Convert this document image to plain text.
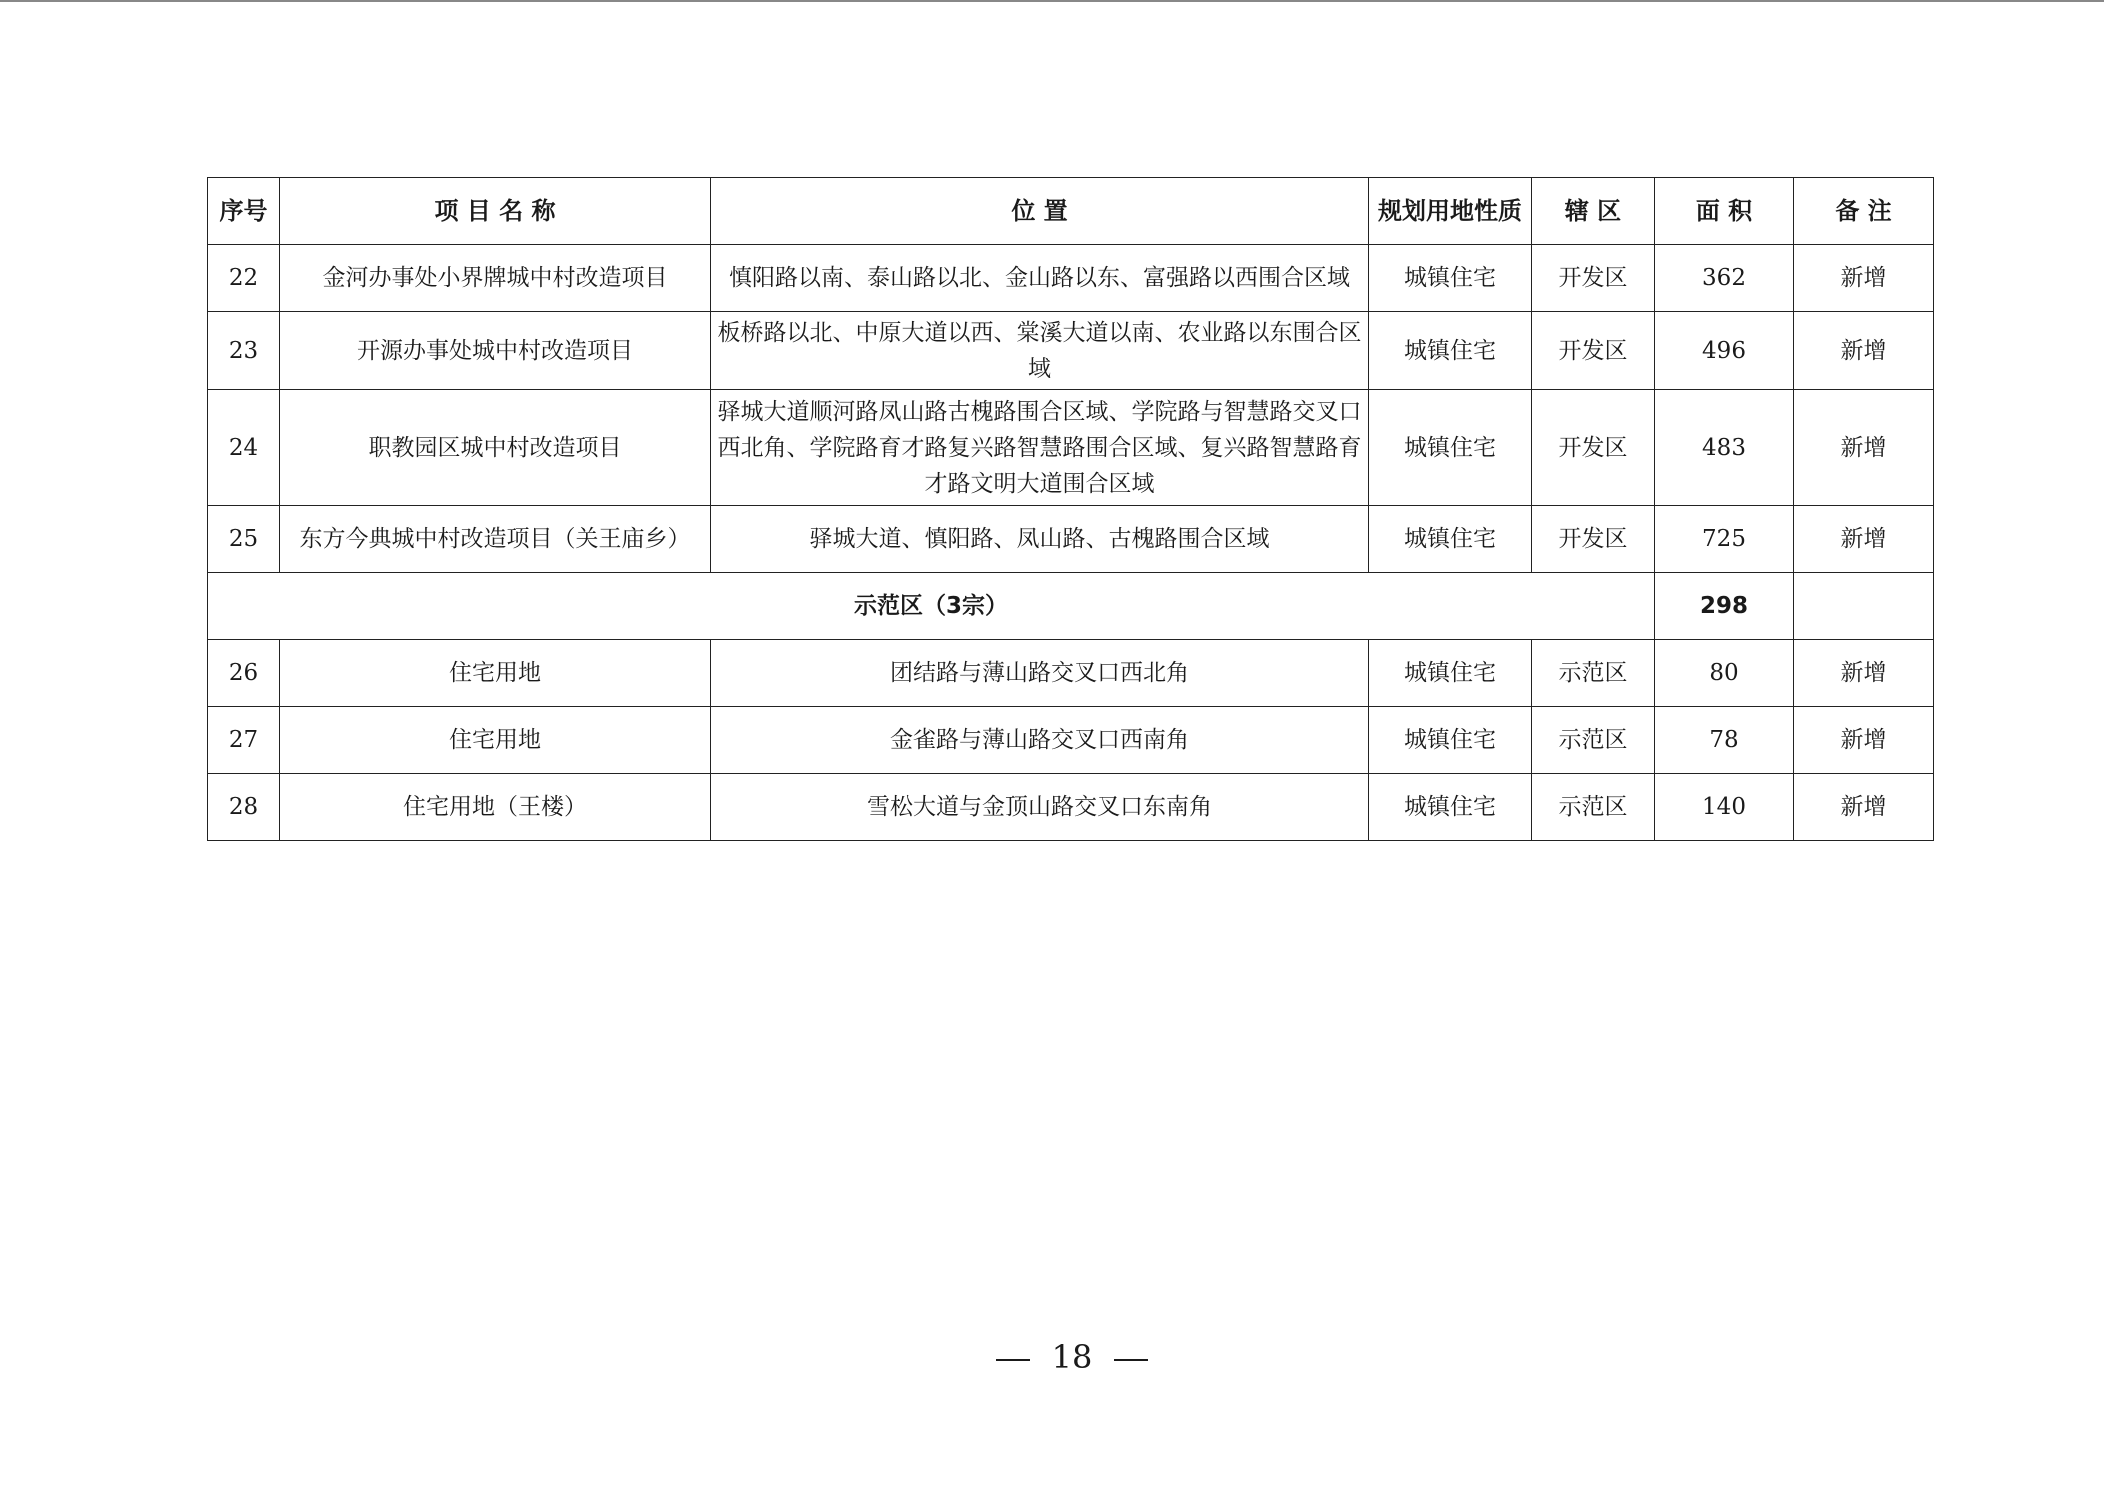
序号	项 目 名 称	位 置	规划用地性质	辖 区	面 积	备 注
22	金河办事处小界牌城中村改造项目	慎阳路以南、泰山路以北、金山路以东、富强路以西围合区域	城镇住宅	开发区	362	新增
23	开源办事处城中村改造项目	板桥路以北、中原大道以西、棠溪大道以南、农业路以东围合区域	城镇住宅	开发区	496	新增
24	职教园区城中村改造项目	驿城大道顺河路凤山路古槐路围合区域、学院路与智慧路交叉口西北角、学院路育才路复兴路智慧路围合区域、复兴路智慧路育才路文明大道围合区域	城镇住宅	开发区	483	新增
25	东方今典城中村改造项目（关王庙乡）	驿城大道、慎阳路、凤山路、古槐路围合区域	城镇住宅	开发区	725	新增
示范区（3宗）					298	
26	住宅用地	团结路与薄山路交叉口西北角	城镇住宅	示范区	80	新增
27	住宅用地	金雀路与薄山路交叉口西南角	城镇住宅	示范区	78	新增
28	住宅用地（王楼）	雪松大道与金顶山路交叉口东南角	城镇住宅	示范区	140	新增
18
